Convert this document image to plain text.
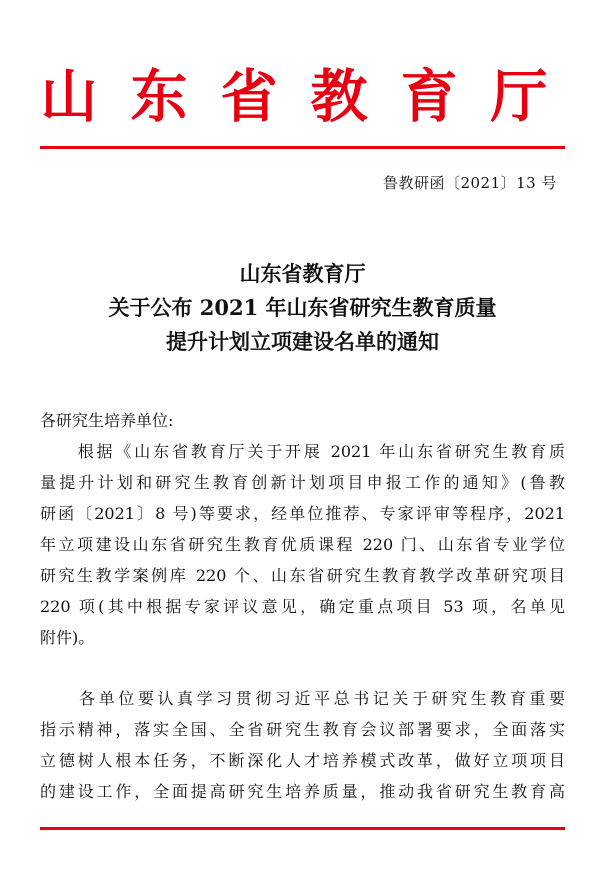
山东省教育厅
鲁教研函〔2021〕13 号
山东省教育厅
关于公布 2021 年山东省研究生教育质量
提升计划立项建设名单的通知
各研究生培养单位:
　　根据《山东省教育厅关于开展 2021 年山东省研究生教育质
量提升计划和研究生教育创新计划项目申报工作的通知》(鲁教
研函〔2021〕8 号)等要求，经单位推荐、专家评审等程序，2021
年立项建设山东省研究生教育优质课程 220 门、山东省专业学位
研究生教学案例库 220 个、山东省研究生教育教学改革研究项目
220 项(其中根据专家评议意见，确定重点项目 53 项，名单见
附件)。
　　各单位要认真学习贯彻习近平总书记关于研究生教育重要
指示精神，落实全国、全省研究生教育会议部署要求，全面落实
立德树人根本任务，不断深化人才培养模式改革，做好立项项目
的建设工作，全面提高研究生培养质量，推动我省研究生教育高
